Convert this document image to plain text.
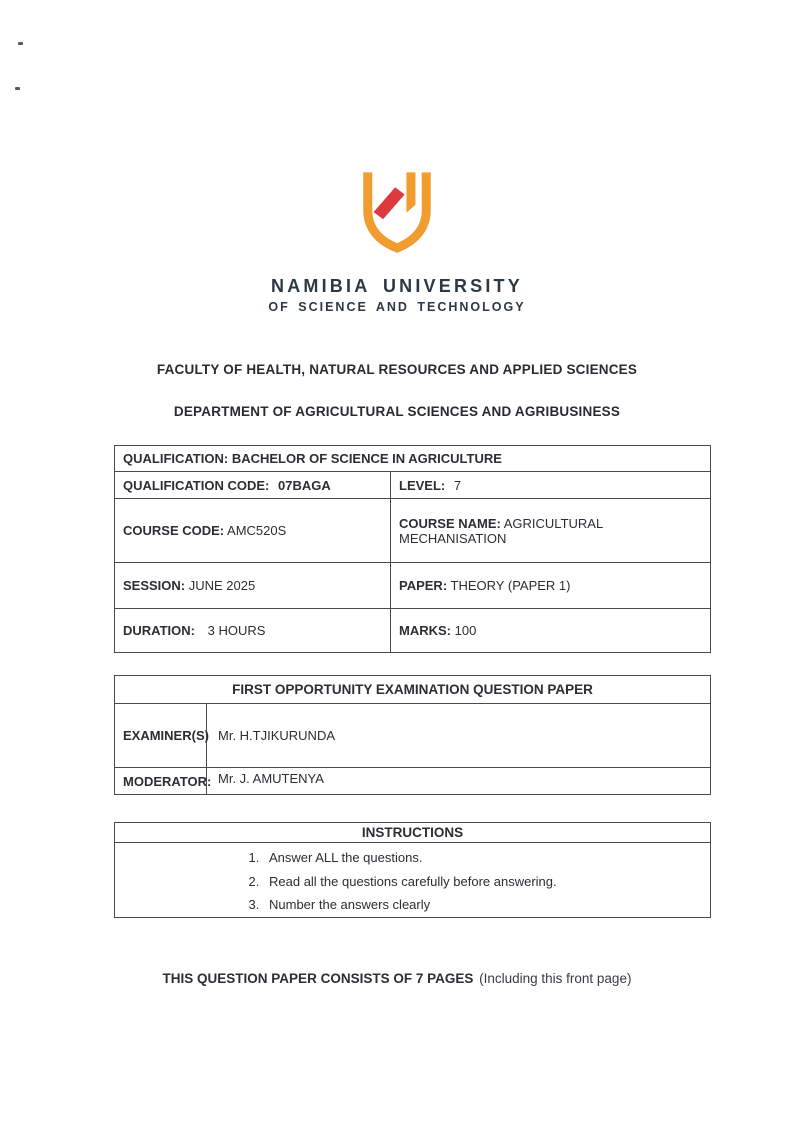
NAMIBIA UNIVERSITY
OF SCIENCE AND TECHNOLOGY
FACULTY OF HEALTH, NATURAL RESOURCES AND APPLIED SCIENCES
DEPARTMENT OF AGRICULTURAL SCIENCES AND AGRIBUSINESS
QUALIFICATION: BACHELOR OF SCIENCE IN AGRICULTURE	
QUALIFICATION CODE: 07BAGA	LEVEL: 7
COURSE CODE: AMC520S	COURSE NAME: AGRICULTURAL MECHANISATION
SESSION: JUNE 2025	PAPER: THEORY (PAPER 1)
DURATION: 3 HOURS	MARKS: 100
FIRST OPPORTUNITY EXAMINATION QUESTION PAPER	
EXAMINER(S)	Mr. H.TJIKURUNDA
MODERATOR:	Mr. J. AMUTENYA
INSTRUCTIONS

1. Answer ALL the questions.
2. Read all the questions carefully before answering.
3. Number the answers clearly
THIS QUESTION PAPER CONSISTS OF 7 PAGES (Including this front page)
